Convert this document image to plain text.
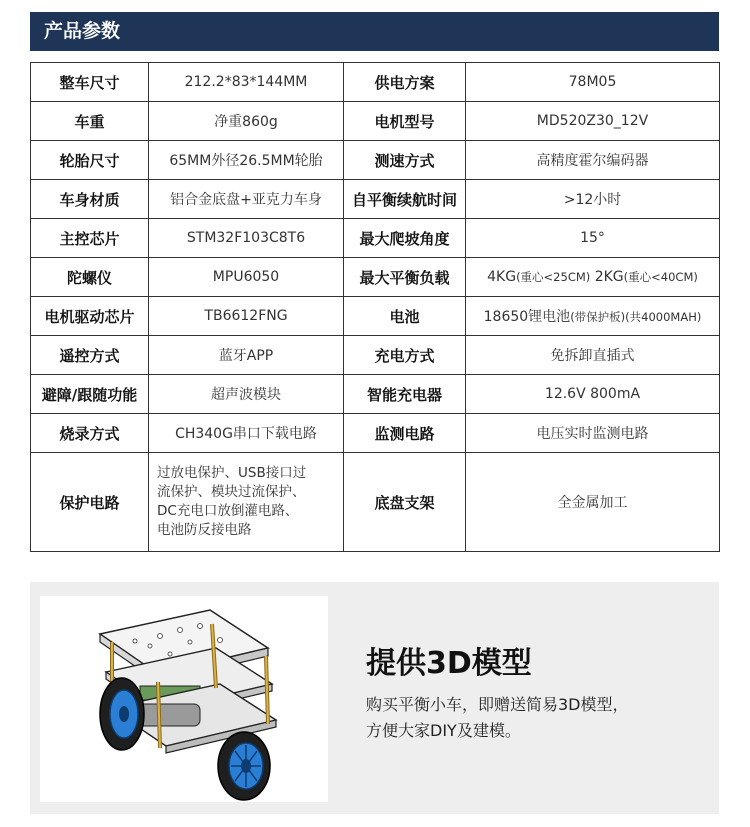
产品参数
整车尺寸	212.2*83*144MM	供电方案	78M05
车重	净重860g	电机型号	MD520Z30_12V
轮胎尺寸	65MM外径26.5MM轮胎	测速方式	高精度霍尔编码器
车身材质	铝合金底盘+亚克力车身	自平衡续航时间	>12小时
主控芯片	STM32F103C8T6	最大爬坡角度	15°
陀螺仪	MPU6050	最大平衡负载	4KG(重心<25CM) 2KG(重心<40CM)
电机驱动芯片	TB6612FNG	电池	18650锂电池(带保护板)(共4000MAH)
遥控方式	蓝牙APP	充电方式	免拆卸直插式
避障/跟随功能	超声波模块	智能充电器	12.6V 800mA
烧录方式	CH340G串口下载电路	监测电路	电压实时监测电路
保护电路	过放电保护、USB接口过
流保护、模块过流保护、
DC充电口放倒灌电路、
电池防反接电路	底盘支架	全金属加工
提供3D模型
购买平衡小车，即赠送简易3D模型，
方便大家DIY及建模。
